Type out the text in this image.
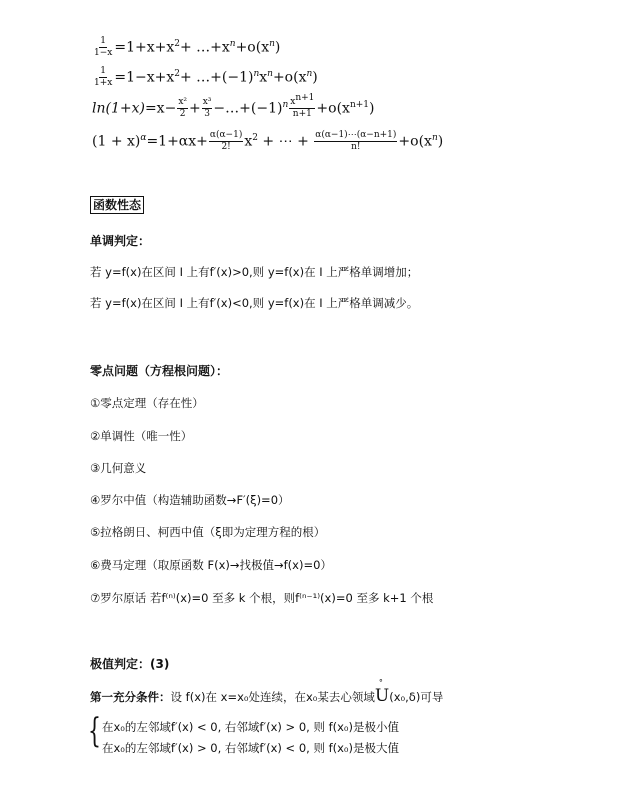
$\frac{1}{1-x} =1+x+x^2+$ $\dots+x^n+o(x^n)$
$\frac{1}{1+x} =1-x+x^2+$ $\dots+(-1)^nx^n+o(x^n)$
$\ln(1+x)=x- \frac{\text{x²}}{2} + \frac{\text{x³}}{3}$ $-\dots+(-1)^n \frac{x^{n+1}}{n+1} +o(x^{n+1})$
$(1 + x)^\alpha=1+\alpha x+ \frac{\alpha(\alpha-1)}{2!} x^2$ + ⋯ + $\frac{\alpha(\alpha-1)\cdots(\alpha-n+1)}{n!} +o(x^n)$
函数性态
单调判定：
若 y=f(x)在区间 I 上有f′(x)>0,则 y=f(x)在 I 上严格单调增加；
若 y=f(x)在区间 I 上有f′(x)<0,则 y=f(x)在 I 上严格单调减少。
零点问题（方程根问题）：
①零点定理（存在性）
②单调性（唯一性）
③几何意义
④罗尔中值（构造辅助函数→F′(ξ)=0）
⑤拉格朗日、柯西中值（ξ即为定理方程的根）
⑥费马定理（取原函数 F(x)→找极值→f(x)=0）
⑦罗尔原话 若f⁽ⁿ⁾(x)=0 至多 k 个根，则f⁽ⁿ⁻¹⁾(x)=0 至多 k+1 个根
极值判定：(3)
第一充分条件：设 f(x)在 x=x₀处连续，在x₀某去心领域U
°
(x₀,δ)可导
{ 在x₀的左邻域f′(x) < 0, 右邻域f′(x) > 0, 则 f(x₀)是极小值
在x₀的左邻域f′(x) > 0, 右邻域f′(x) < 0, 则 f(x₀)是极大值
